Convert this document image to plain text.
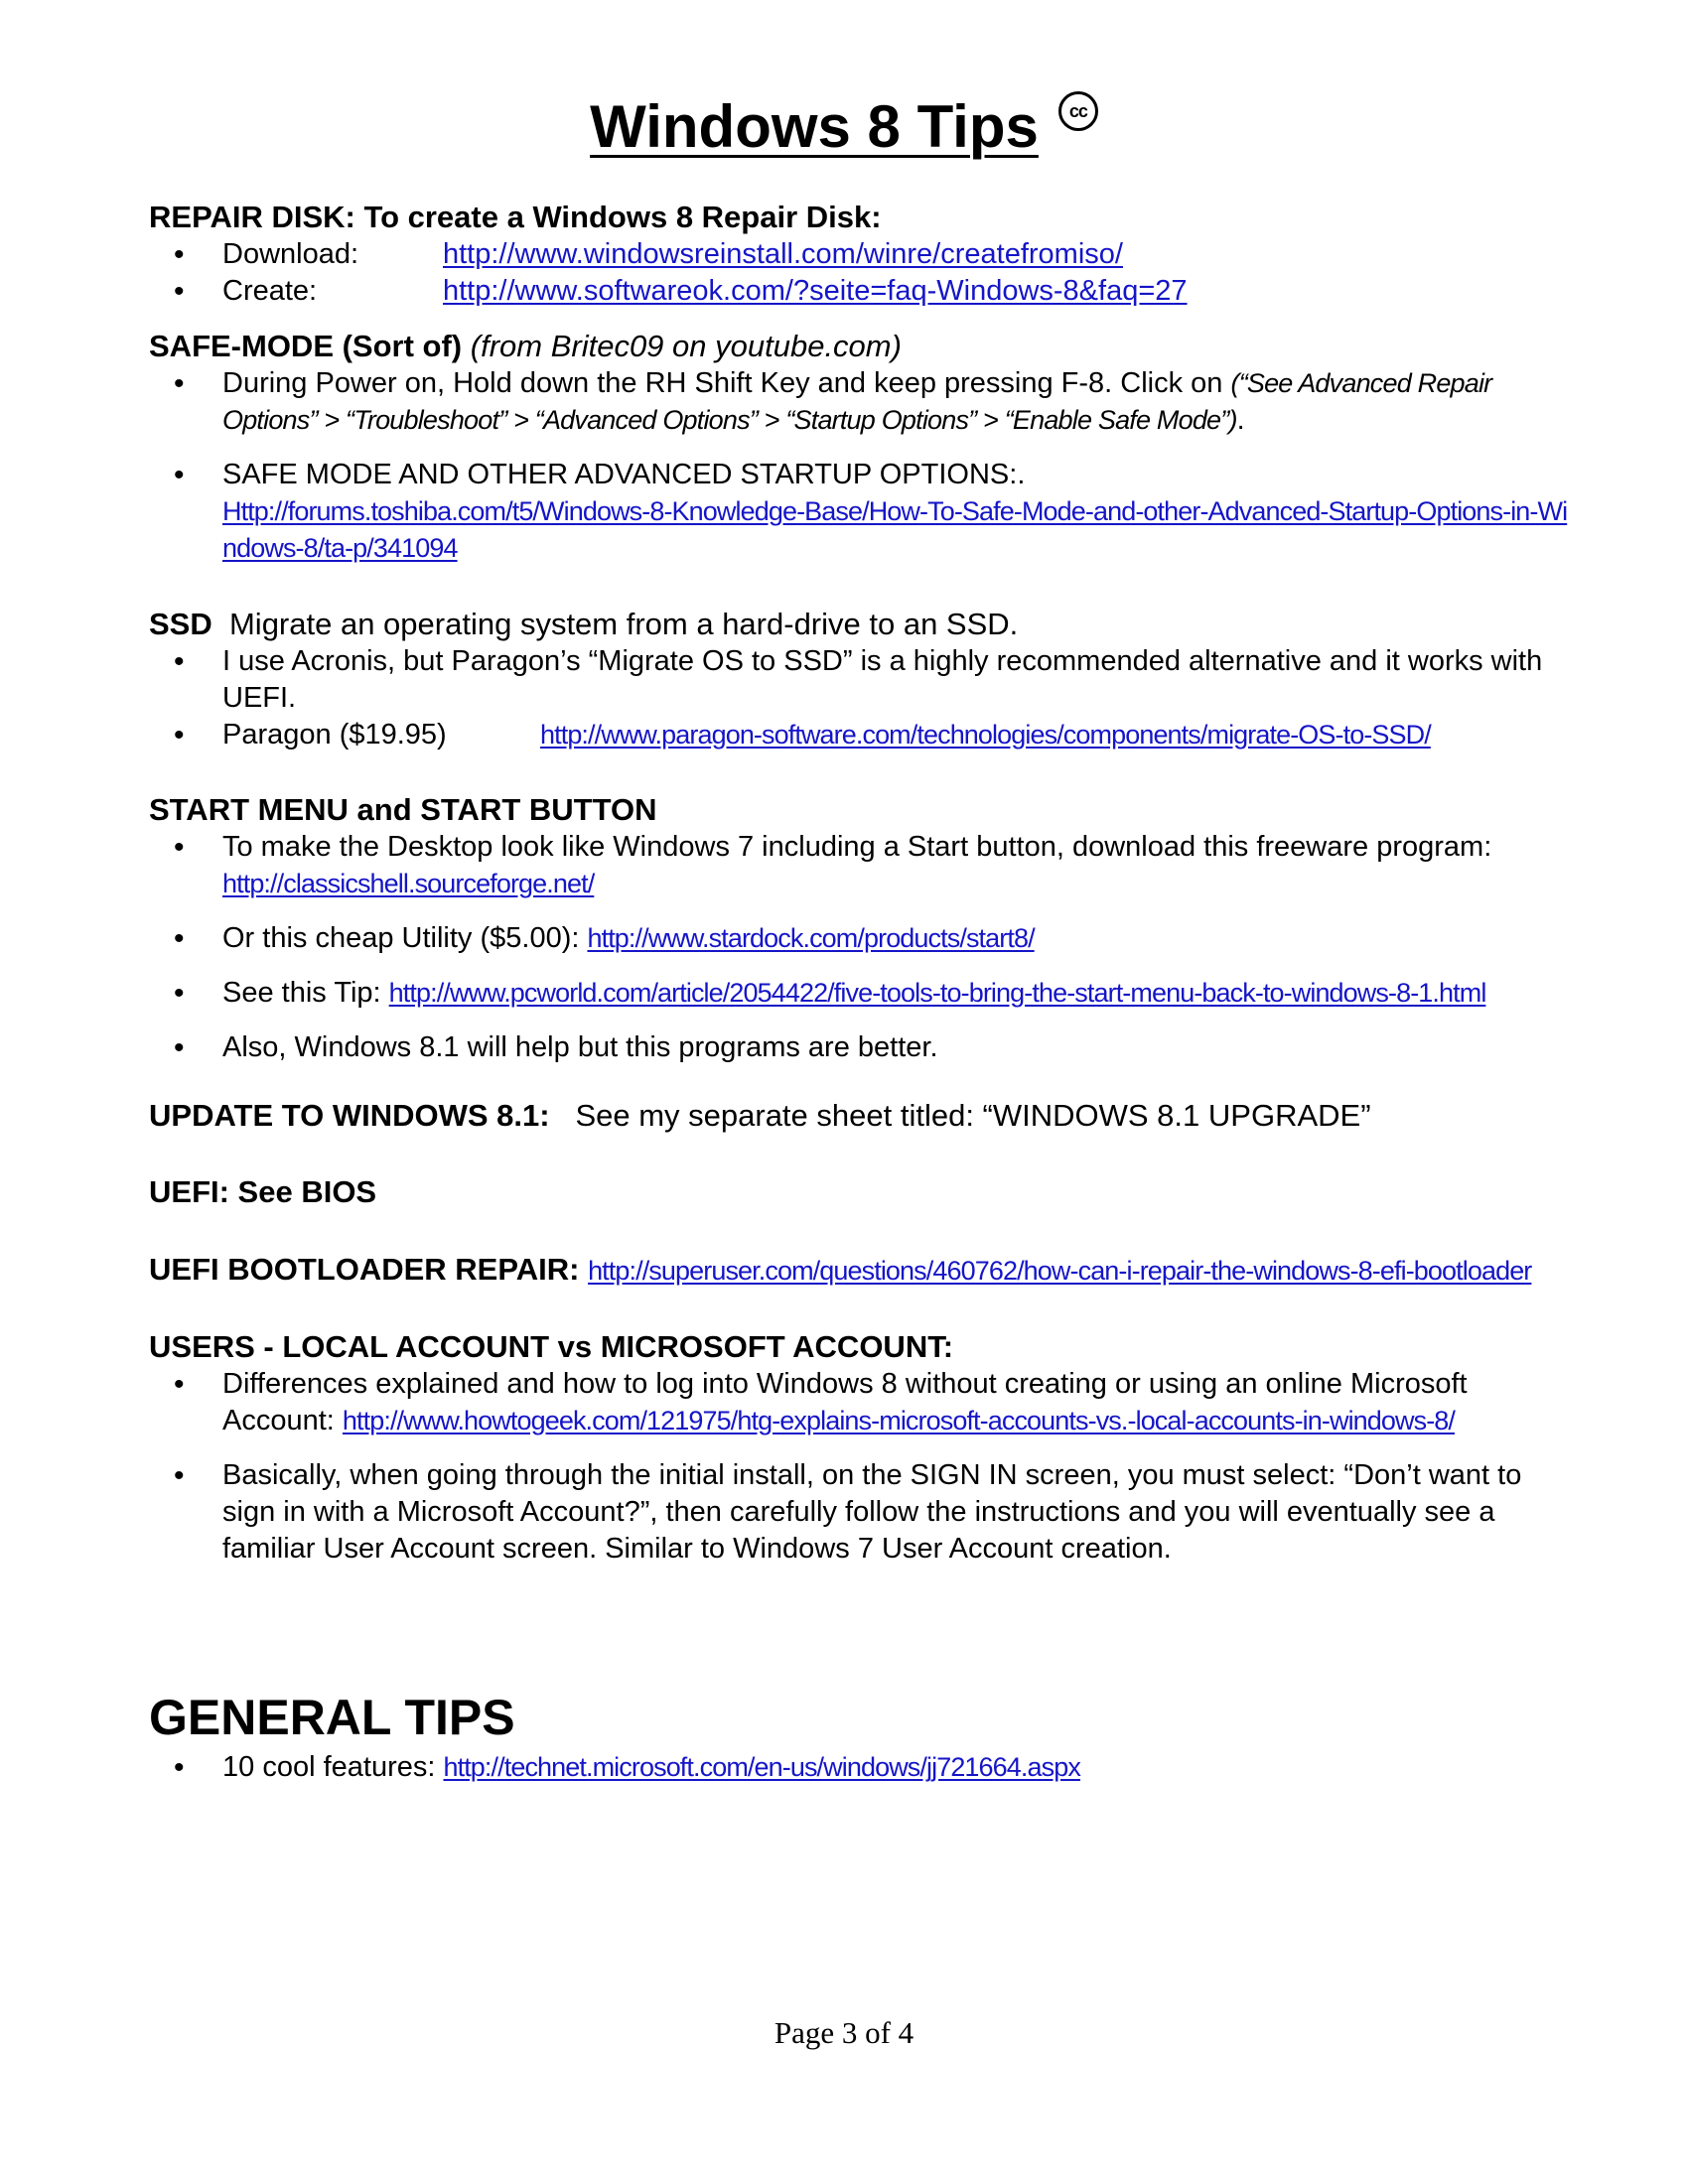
Windows 8 Tips cc

REPAIR DISK: To create a Windows 8 Repair Disk:

• Download:	http://www.windowsreinstall.com/winre/createfromiso/
• Create:	http://www.softwareok.com/?seite=faq-Windows-8&faq=27

SAFE-MODE (Sort of) (from Britec09 on youtube.com)

• During Power on, Hold down the RH Shift Key and keep pressing F-8. Click on (“See Advanced Repair Options” > “Troubleshoot” > “Advanced Options” > “Startup Options” > “Enable Safe Mode”).
• SAFE MODE AND OTHER ADVANCED STARTUP OPTIONS:.
Http://forums.toshiba.com/t5/Windows-8-Knowledge-Base/How-To-Safe-Mode-and-other-Advanced-Startup-Options-in-Windows-8/ta-p/341094

SSD Migrate an operating system from a hard-drive to an SSD.

• I use Acronis, but Paragon’s “Migrate OS to SSD” is a highly recommended alternative and it works with UEFI.
• Paragon ($19.95)	http://www.paragon-software.com/technologies/components/migrate-OS-to-SSD/

START MENU and START BUTTON

• To make the Desktop look like Windows 7 including a Start button, download this freeware program:
http://classicshell.sourceforge.net/
• Or this cheap Utility ($5.00): http://www.stardock.com/products/start8/
• See this Tip: http://www.pcworld.com/article/2054422/five-tools-to-bring-the-start-menu-back-to-windows-8-1.html
• Also, Windows 8.1 will help but this programs are better.

UPDATE TO WINDOWS 8.1: See my separate sheet titled: “WINDOWS 8.1 UPGRADE”

UEFI: See BIOS

UEFI BOOTLOADER REPAIR: http://superuser.com/questions/460762/how-can-i-repair-the-windows-8-efi-bootloader

USERS - LOCAL ACCOUNT vs MICROSOFT ACCOUNT:

• Differences explained and how to log into Windows 8 without creating or using an online Microsoft Account: http://www.howtogeek.com/121975/htg-explains-microsoft-accounts-vs.-local-accounts-in-windows-8/
• Basically, when going through the initial install, on the SIGN IN screen, you must select: “Don’t want to sign in with a Microsoft Account?”, then carefully follow the instructions and you will eventually see a familiar User Account screen. Similar to Windows 7 User Account creation.

GENERAL TIPS

• 10 cool features: http://technet.microsoft.com/en-us/windows/jj721664.aspx
Page 3 of 4
